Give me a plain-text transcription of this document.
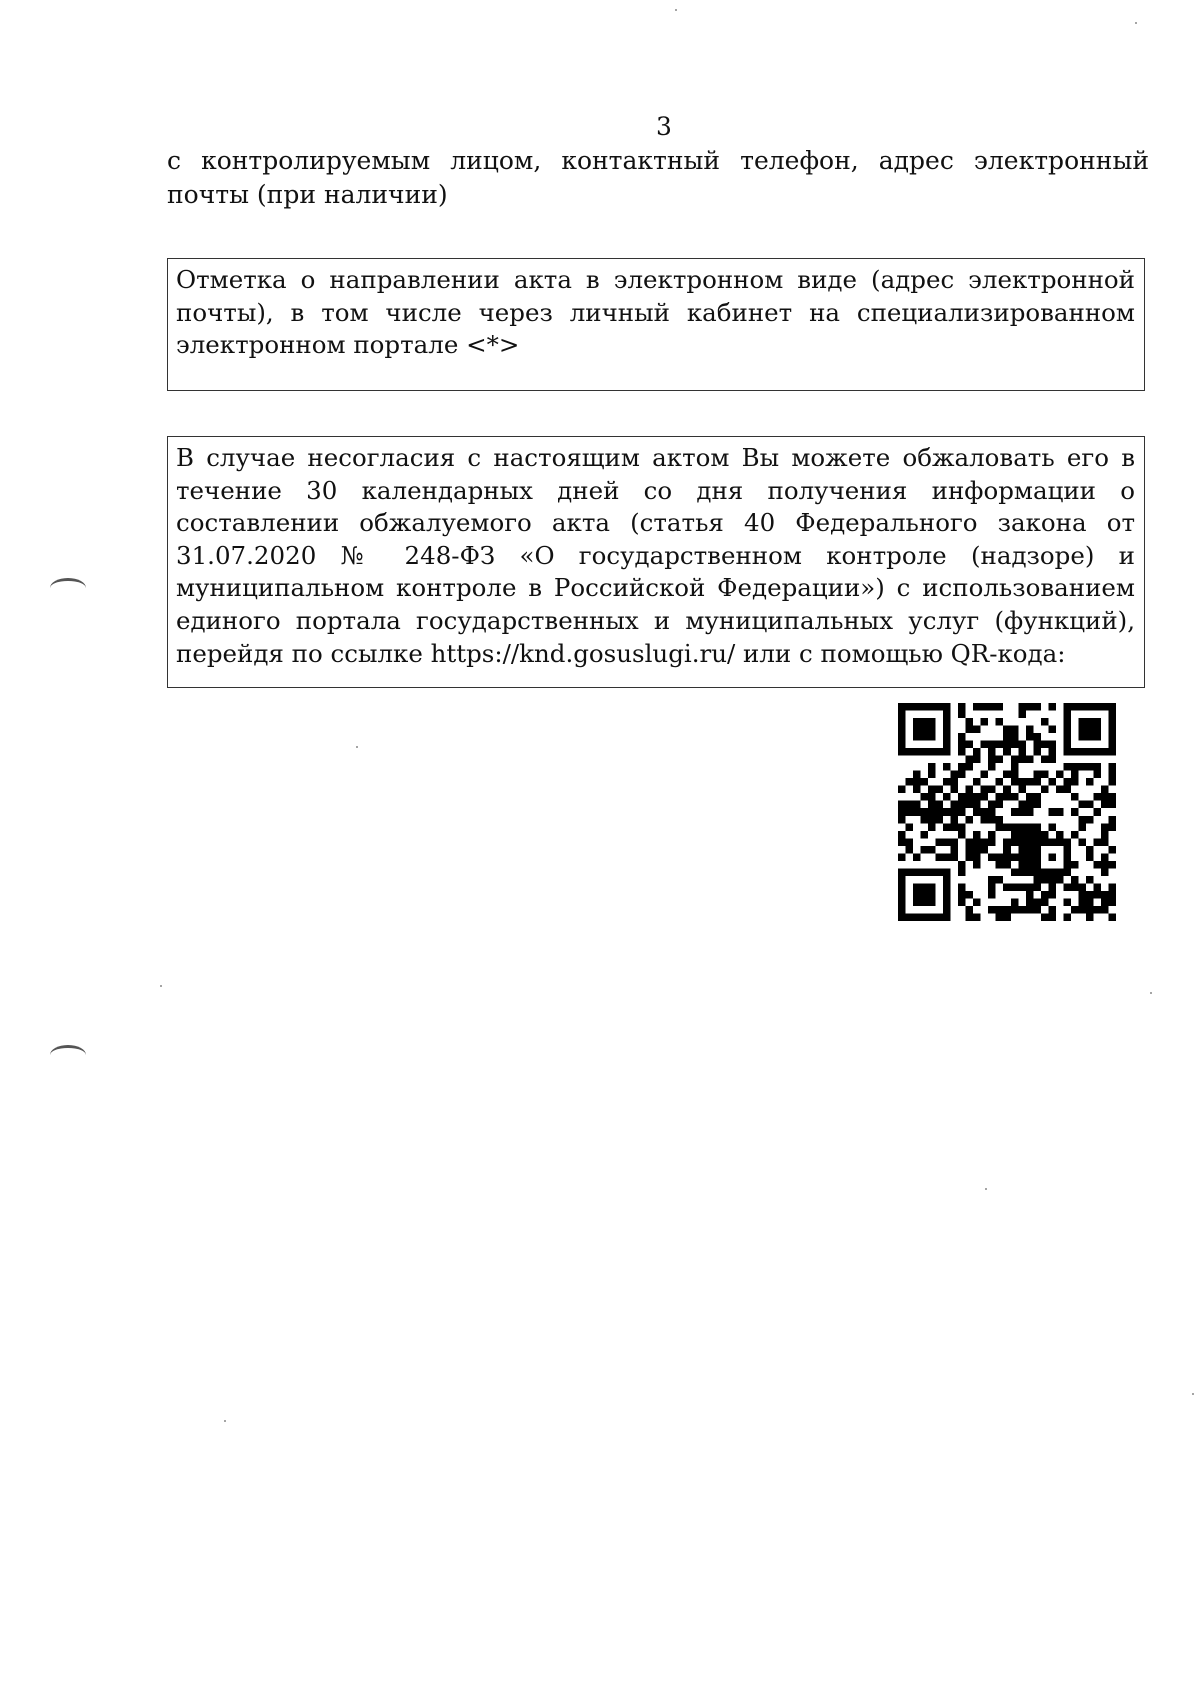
3
с контролируемым лицом, контактный телефон, адрес электронный почты (при наличии)
Отметка о направлении акта в электронном виде (адрес электронной почты), в том числе через личный кабинет на специализированном электронном портале <*>
В случае несогласия с настоящим актом Вы можете обжаловать его в течение 30 календарных дней со дня получения информации о составлении обжалуемого акта (статья 40 Федерального закона от 31.07.2020 № 248-ФЗ «О государственном контроле (надзоре) и муниципальном контроле в Российской Федерации») с использованием единого портала государственных и муниципальных услуг (функций), перейдя по ссылке https://knd.gosuslugi.ru/ или с помощью QR-кода:
